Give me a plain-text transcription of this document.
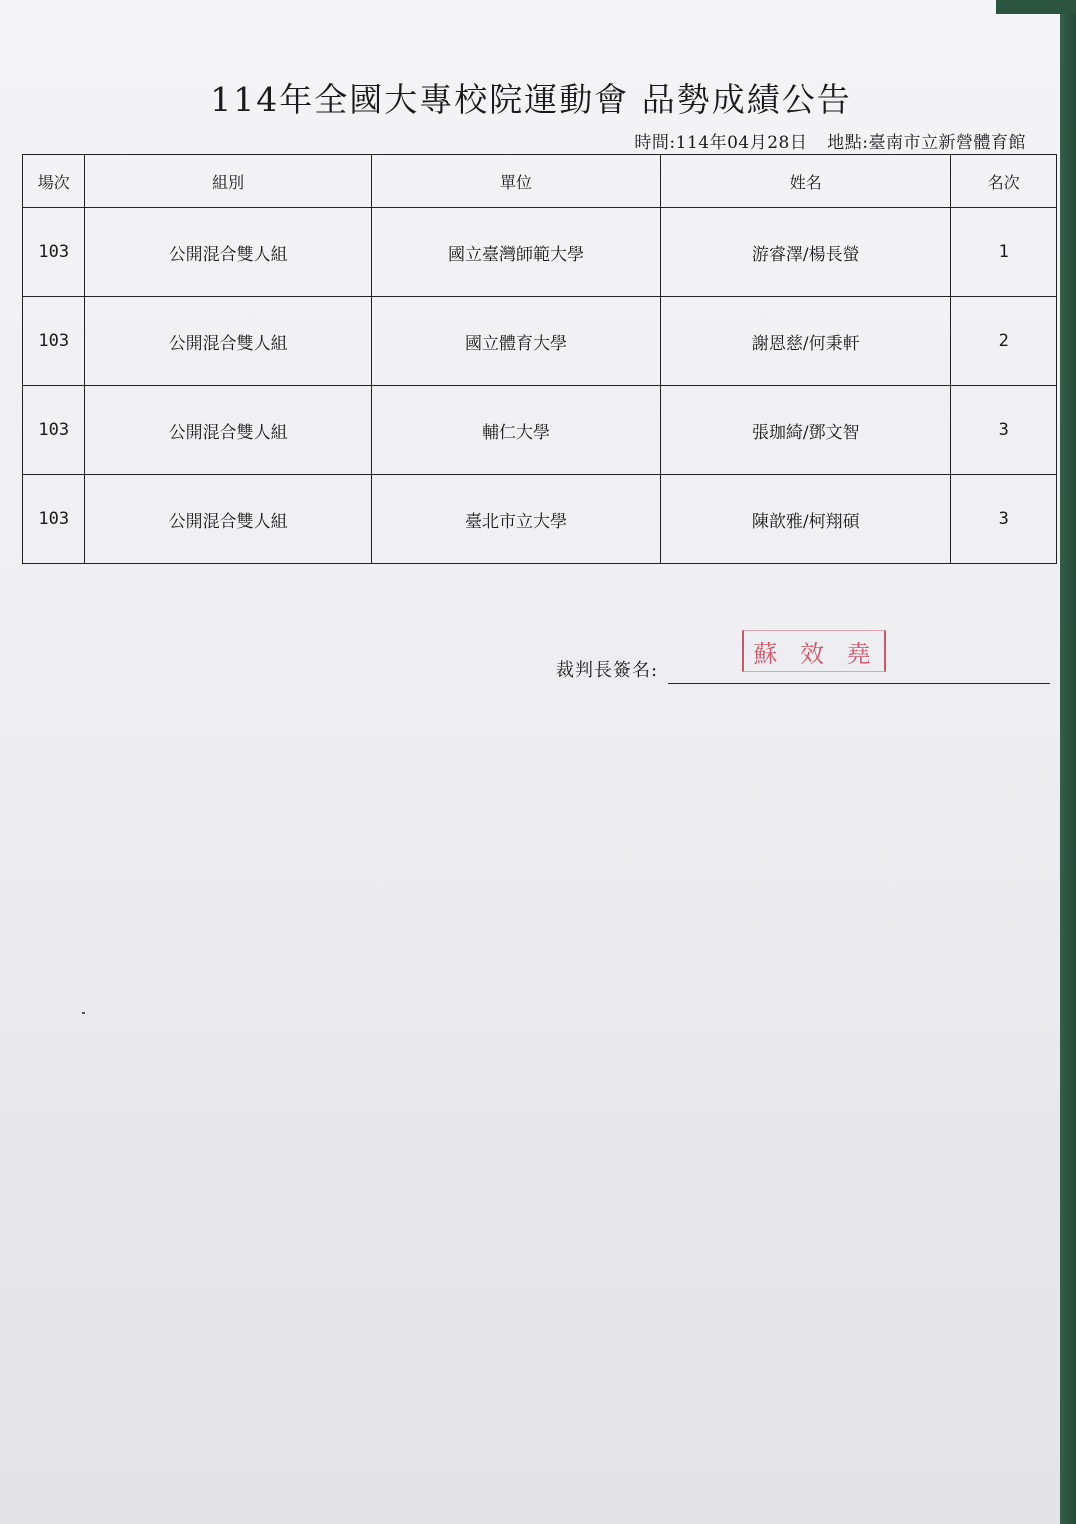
114年全國大專校院運動會 品勢成績公告
時間:114年04月28日 地點:臺南市立新營體育館
場次	組別	單位	姓名	名次
103	公開混合雙人組	國立臺灣師範大學	游睿澤/楊長螢	1
103	公開混合雙人組	國立體育大學	謝恩慈/何秉軒	2
103	公開混合雙人組	輔仁大學	張珈綺/鄧文智	3
103	公開混合雙人組	臺北市立大學	陳歆雅/柯翔碩	3
裁判長簽名:
蘇 效 堯
